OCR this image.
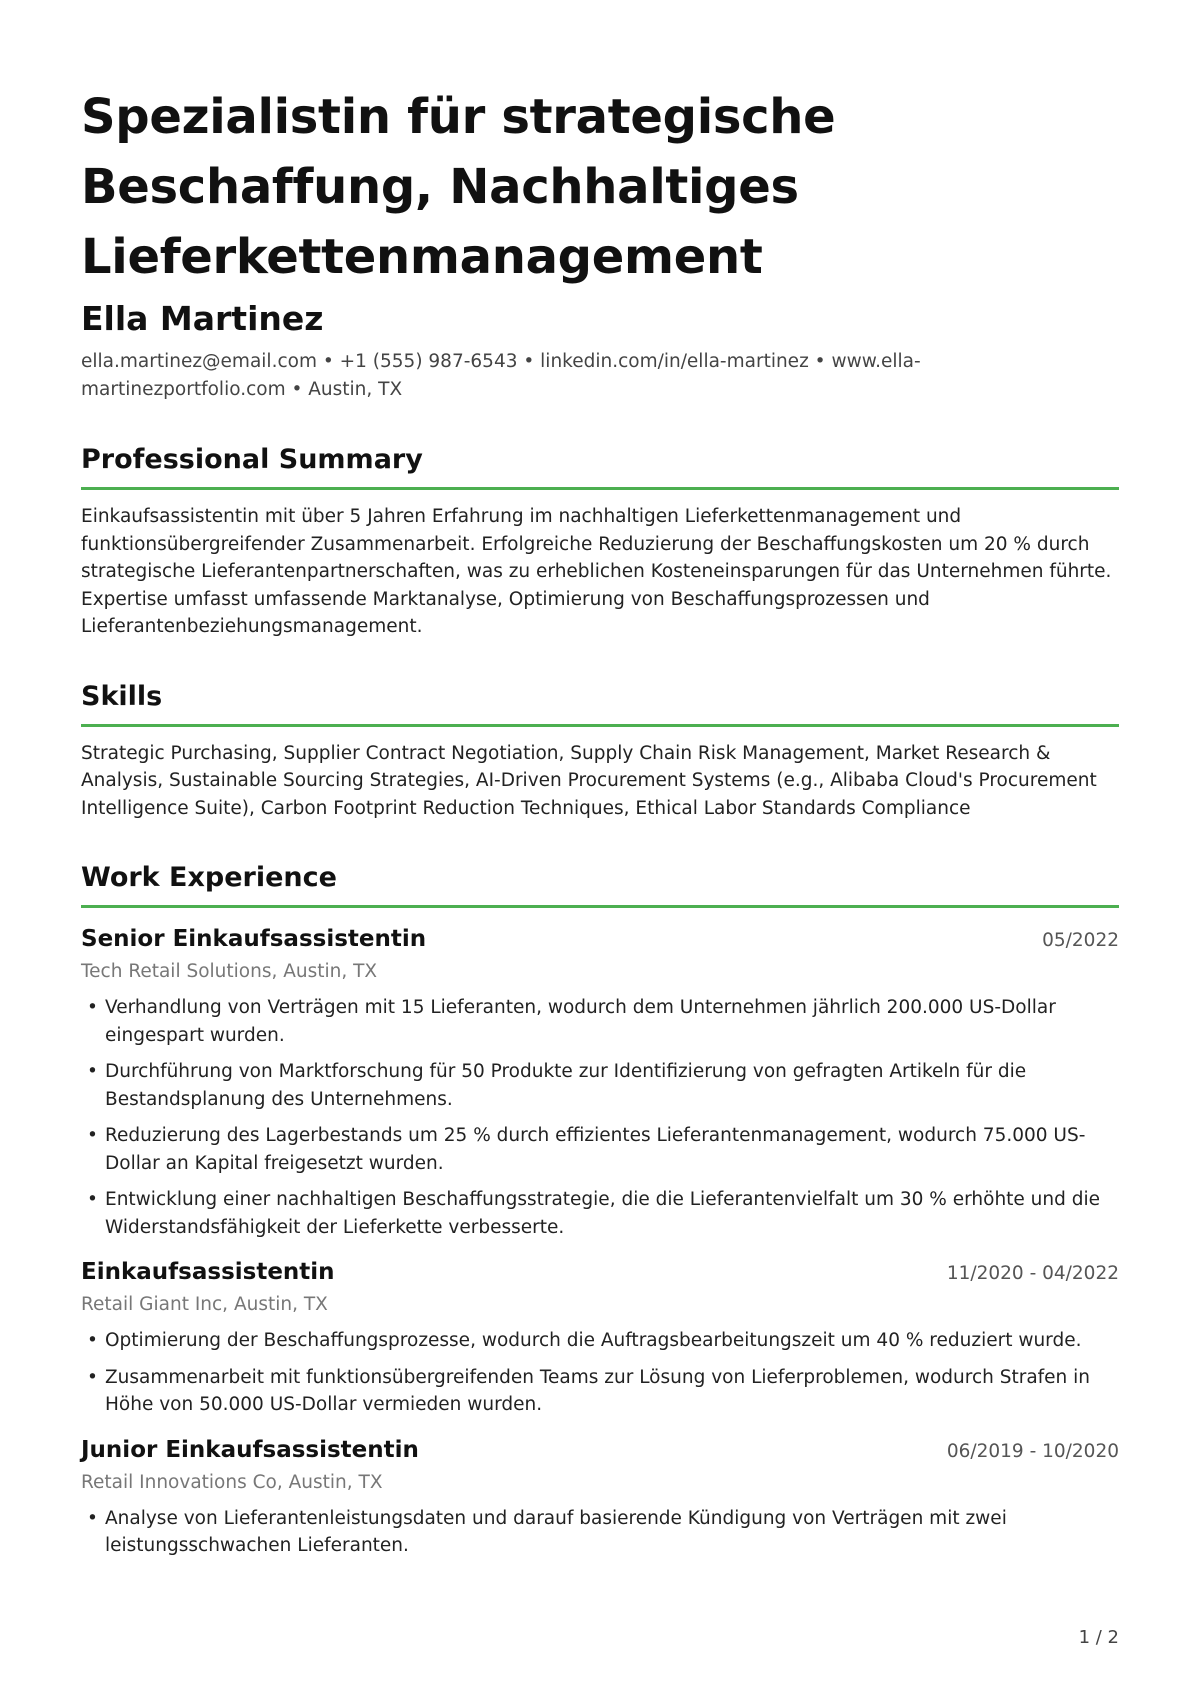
Spezialistin für strategische Beschaffung, Nachhaltiges Lieferkettenmanagement
Ella Martinez
ella.martinez@email.com • +1 (555) 987-6543 • linkedin.com/in/ella-martinez • www.ella-martinezportfolio.com • Austin, TX
Professional Summary
Einkaufsassistentin mit über 5 Jahren Erfahrung im nachhaltigen Lieferkettenmanagement und funktionsübergreifender Zusammenarbeit. Erfolgreiche Reduzierung der Beschaffungskosten um 20 % durch strategische Lieferantenpartnerschaften, was zu erheblichen Kosteneinsparungen für das Unternehmen führte. Expertise umfasst umfassende Marktanalyse, Optimierung von Beschaffungsprozessen und Lieferantenbeziehungsmanagement.
Skills
Strategic Purchasing, Supplier Contract Negotiation, Supply Chain Risk Management, Market Research & Analysis, Sustainable Sourcing Strategies, AI-Driven Procurement Systems (e.g., Alibaba Cloud's Procurement Intelligence Suite), Carbon Footprint Reduction Techniques, Ethical Labor Standards Compliance
Work Experience
Senior Einkaufsassistentin	05/2022
Tech Retail Solutions, Austin, TX
• Verhandlung von Verträgen mit 15 Lieferanten, wodurch dem Unternehmen jährlich 200.000 US-Dollar eingespart wurden.
• Durchführung von Marktforschung für 50 Produkte zur Identifizierung von gefragten Artikeln für die Bestandsplanung des Unternehmens.
• Reduzierung des Lagerbestands um 25 % durch effizientes Lieferantenmanagement, wodurch 75.000 US-Dollar an Kapital freigesetzt wurden.
• Entwicklung einer nachhaltigen Beschaffungsstrategie, die die Lieferantenvielfalt um 30 % erhöhte und die Widerstandsfähigkeit der Lieferkette verbesserte.
Einkaufsassistentin	11/2020 - 04/2022
Retail Giant Inc, Austin, TX
• Optimierung der Beschaffungsprozesse, wodurch die Auftragsbearbeitungszeit um 40 % reduziert wurde.
• Zusammenarbeit mit funktionsübergreifenden Teams zur Lösung von Lieferproblemen, wodurch Strafen in Höhe von 50.000 US-Dollar vermieden wurden.
Junior Einkaufsassistentin	06/2019 - 10/2020
Retail Innovations Co, Austin, TX
• Analyse von Lieferantenleistungsdaten und darauf basierende Kündigung von Verträgen mit zwei leistungsschwachen Lieferanten.
1 / 2
